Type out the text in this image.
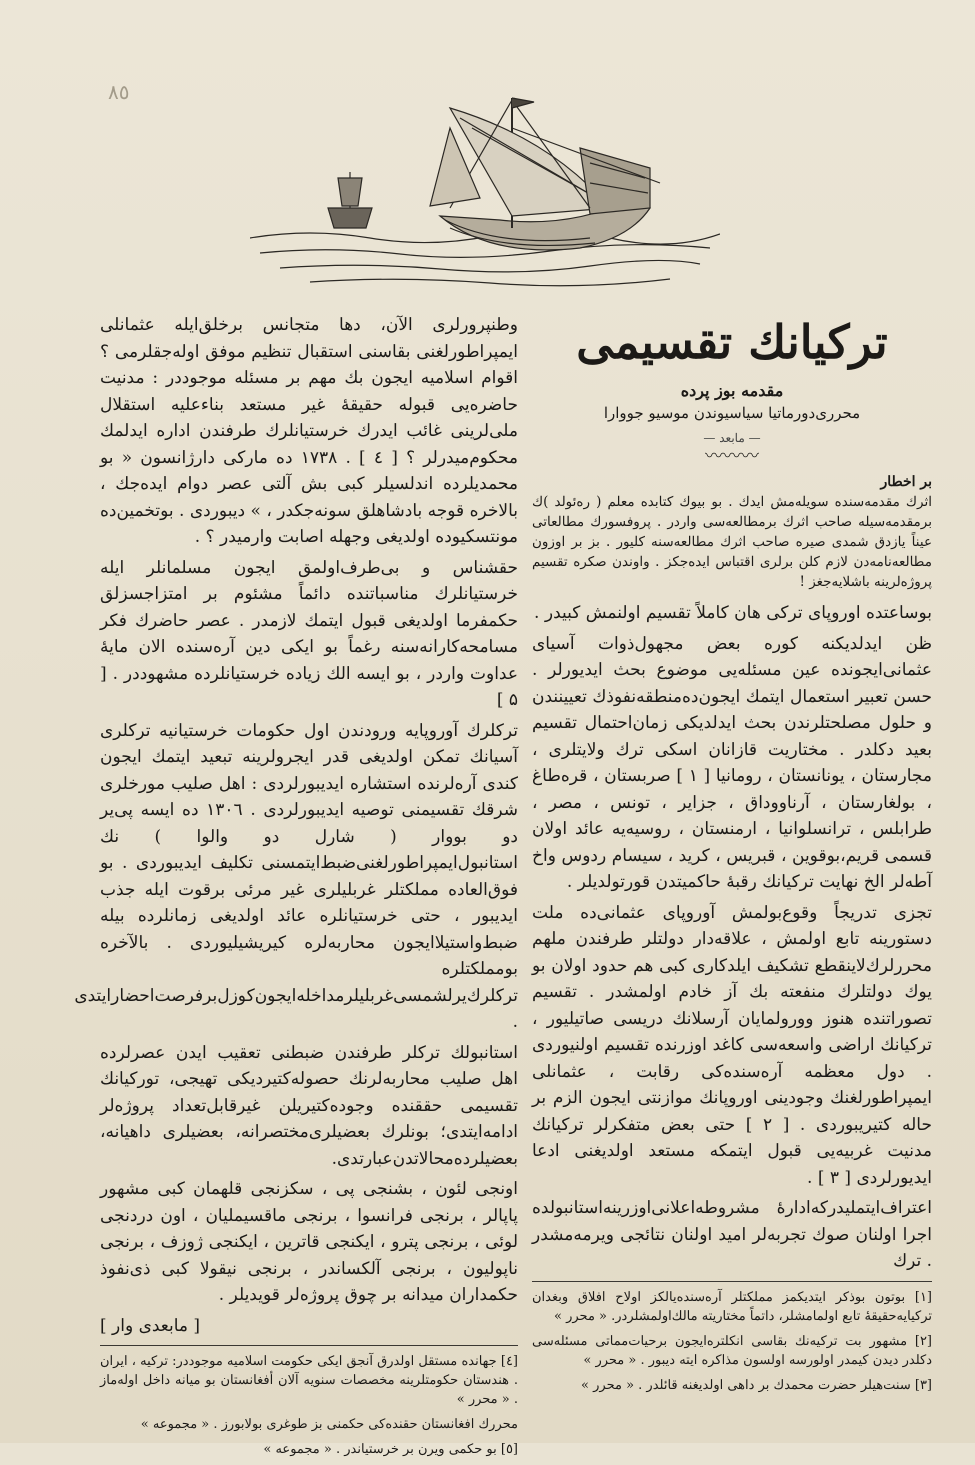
٨٥
ترکیانك تقسیمی
مقدمه بوز پرده
محرری‌دورماتیا سیاسیوندن موسیو جووارا
— مابعد —
〰〰〰
بر اخطار

اثرك مقدمه‌سنده سویلەمش ایدك . بو بیوك کتابده معلم ( ره‌ئولد )ك برمقدمه‌سیله صاحب اثرك برمطالعه‌سی واردر . پروفسورك مطالعاتی عیناً یازدق شمدی صیره صاحب اثرك مطالعه‌سنه کلیور . بز بر اوزون مطالعه‌نامه‌دن لازم کلن برلری اقتباس ایده‌جکز . واوندن صکره تقسیم پروژه‌لرینه باشلایه‌جغز !

بوساعتده اوروپای ترکی هان کاملاً تقسیم اولنمش کبیدر .

ظن ایدلدیکنه کوره بعض مجهول‌ذوات آسیای عثمانی‌ایجونده عین مسئله‌یی موضوع بحث ایدیورلر . حسن تعبیر استعمال ایتمك ایجون‌ده‌منطقه‌نفوذك تعیینندن و حلول مصلحتلرندن بحث ایدلدیکی زمان‌احتمال تقسیم بعید دکلدر . مختاریت قازانان اسکی ترك ولایتلری ، مجارستان ، یونانستان ، رومانیا [ ۱ ] صربستان ، قره‌طاغ ، بولغارستان ، آرناووداق ، جزایر ، تونس ، مصر ، طرابلس ، ترانسلوانیا ، ارمنستان ، روسیه‌یه عائد اولان قسمی قریم،بوقوین ، قبریس ، کرید ، سیسام ردوس واخ آطه‌لر الخ نهایت ترکیانك رقبهٔ حاکمیتدن قورتولدیلر .

تجزی تدریجاً وقوع‌بولمش آوروپای عثمانی‌ده ملت دستورینه تابع اولمش ، علاقه‌دار دولتلر طرفندن ملهم محررلرك‌لاینقطع تشکیف ایلدکاری کبی هم حدود اولان بو یوك دولتلرك منفعته بك آز خادم اولمشدر . تقسیم تصوراتنده هنوز وورولمایان آرسلانك دریسی صاتیلیور ، ترکیانك اراضی واسعه‌سی کاغد اوزرنده تقسیم اولنیوردی . دول معظمه آره‌سنده‌کی رقابت ، عثمانلی ایمپراطورلغنك وجودینی اوروپانك موازنتی ایجون الزم بر حاله کتیریبوردی . [ ۲ ] حتی بعض متفکرلر ترکیانك مدنیت غربیه‌یی قبول ایتمکه مستعد اولدیغنی ادعا ایدیورلردی [ ۳ ] .

اعتراف‌ایتملیدرکه‌ادارهٔ مشروطه‌اعلانی‌اوزرینه‌استانبولده اجرا اولنان صوك تجربه‌لر امید اولنان نتائجی ویرمه‌مشدر . ترك

[۱] بوتون بوذکر ایتدیکمز مملکتلر آره‌سنده‌یالکز اولاح افلاق وبغدان ترکیایه‌حقیقهٔ تابع اولمامشلر، داتماً مختاریته مالك‌اولمشلردر. « محرر »

[۲] مشهور بت ترکیه‌نك بقاسی انکلتره‌ایجون برحیات‌مماتی مسئله‌سی دکلدر دیدن کیمدر اولورسه اولسون مذاکره ایته دیبور . « محرر »

[۳] سنت‌هیلر حضرت محمدك بر داهی اولدیغنه قائلدر . « محرر »

وطنپرورلری الآن، دها متجانس برخلق‌ایله عثمانلی ایمپراطورلغنی بقاسنی استقبال تنظیم موفق اوله‌جقلرمی ؟ اقوام اسلامیه ایجون بك مهم بر مسئله موجوددر : مدنیت حاضره‌یی قبوله حقیقهٔ غیر مستعد بناءعلیه استقلال ملی‌لرینی غائب ایدرك خرستیانلرك طرفندن اداره ایدلمك محکوم‌میدرلر ؟ [ ٤ ] . ۱۷۳۸ ده مارکی دارژانسون « بو محمدیلرده اندلسیلر کبی بش آلتی عصر دوام ایده‌جك ، بالاخره قوجه بادشاهلق سونه‌جکدر ، » دیبوردی . بوتخمین‌ده مونتسکیوده اولدیغی وجهله اصابت وارمیدر ؟ .

حقشناس و بی‌طرف‌اولمق ایجون مسلمانلر ایله خرستیانلرك مناسباتنده دائماً مشئوم بر امتزاجسزلق حکمفرما اولدیغی قبول ایتمك لازمدر . عصر حاضرك فکر مسامحه‌کارانه‌سنه رغماً بو ایکی دین آره‌سنده الان مایهٔ عداوت واردر ، بو ایسه الك زیاده خرستیانلرده مشهوددر . [ ۵ ]

ترکلرك آوروپایه ورودندن اول حکومات خرستیانیه ترکلری آسیانك تمکن اولدیغی قدر ایجرولرینه تبعید ایتمك ایجون کندی آره‌لرنده استشاره ایدیبورلردی : اهل صلیب مورخلری شرقك تقسیمنی توصیه ایدیبورلردی . ۱۳۰٦ ده ایسه پی‌یر دو بووار ( شارل دو والوا ) نك استانبول‌ایمپراطورلغنی‌ضبط‌ایتمسنی تکلیف ایدیبوردی . بو فوق‌العاده مملکتلر غربلیلری غیر مرئی برقوت ایله جذب ایدیبور ، حتی خرستیانلره عائد اولدیغی زمانلرده بیله ضبط‌واستیلاایجون محاربه‌لره کیریشیلیوردی . بالآخره بومملکتلره ترکلرك‌یرلشمسی‌غربلیلر‌مداخله‌ایجون‌کوزل‌برفرصت‌احضارایتدی .

استانبولك ترکلر طرفندن ضبطنی تعقیب ایدن عصرلرده اهل صلیب محاربه‌لرنك حصوله‌کتیردیکی تهیجی، تورکیانك تقسیمی حققنده وجوده‌کتیریلن غیرقابل‌تعداد پروژه‌لر ادامه‌ایتدی؛ بونلرك بعضیلری‌مختصرانه، بعضیلری داهیانه، بعضیلرده‌محالاتدن‌عبارتدی.

اونجی لئون ، بشنجی پی ، سکزنجی قلهمان کبی مشهور پاپالر ، برنجی فرانسوا ، برنجی ماقسیملیان ، اون دردنجی لوئی ، برنجی پترو ، ایکنجی قاترین ، ایکنجی ژوزف ، برنجی ناپولیون ، برنجی آلکساندر ، برنجی نیقولا کبی ذی‌نفوذ حکمداران میدانه بر چوق پروژه‌لر قویدیلر .

[ مابعدی وار ]

[٤] جهانده مستقل اولدرق آنجق ایکی حکومت اسلامیه موجوددر: ترکیه ، ایران . هندستان حکومتلرینه مخصصات سنویه آلان أفغانستان بو میانه داخل اوله‌ماز . « محرر »

محررك افغانستان حقنده‌کی حکمنی بز طوغری بولابورز . « مجموعه »

[٥] بو حکمی ویرن بر خرستیاندر . « مجموعه »
